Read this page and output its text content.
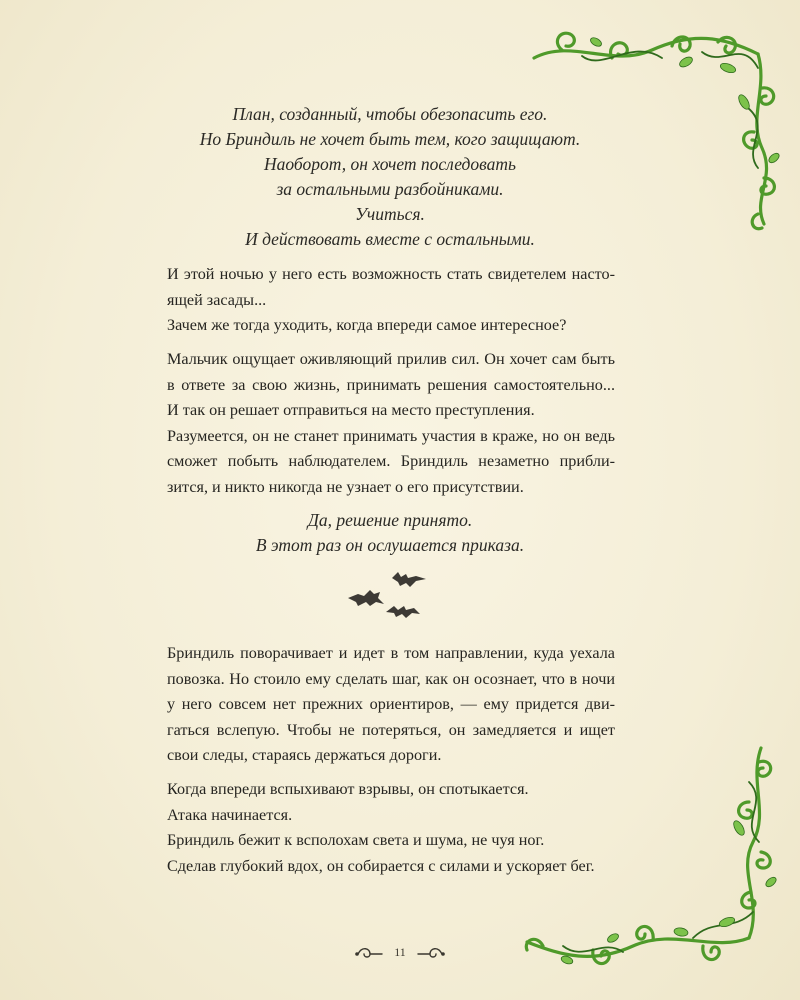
План, созданный, чтобы обезопасить его.
Но Бриндиль не хочет быть тем, кого защищают.
Наоборот, он хочет последовать
за остальными разбойниками.
Учиться.
И действовать вместе с остальными.
И этой ночью у него есть возможность стать свидетелем насто-
ящей засады...
Зачем же тогда уходить, когда впереди самое интересное?
Мальчик ощущает оживляющий прилив сил. Он хочет сам быть
в ответе за свою жизнь, принимать решения самостоятельно...
И так он решает отправиться на место преступления.
Разумеется, он не станет принимать участия в краже, но он ведь
сможет побыть наблюдателем. Бриндиль незаметно прибли-
зится, и никто никогда не узнает о его присутствии.
Да, решение принято.
В этот раз он ослушается приказа.
Бриндиль поворачивает и идет в том направлении, куда уехала
повозка. Но стоило ему сделать шаг, как он осознает, что в ночи
у него совсем нет прежних ориентиров, — ему придется дви-
гаться вслепую. Чтобы не потеряться, он замедляется и ищет
свои следы, стараясь держаться дороги.
Когда впереди вспыхивают взрывы, он спотыкается.
Атака начинается.
Бриндиль бежит к всполохам света и шума, не чуя ног.
Сделав глубокий вдох, он собирается с силами и ускоряет бег.
11
